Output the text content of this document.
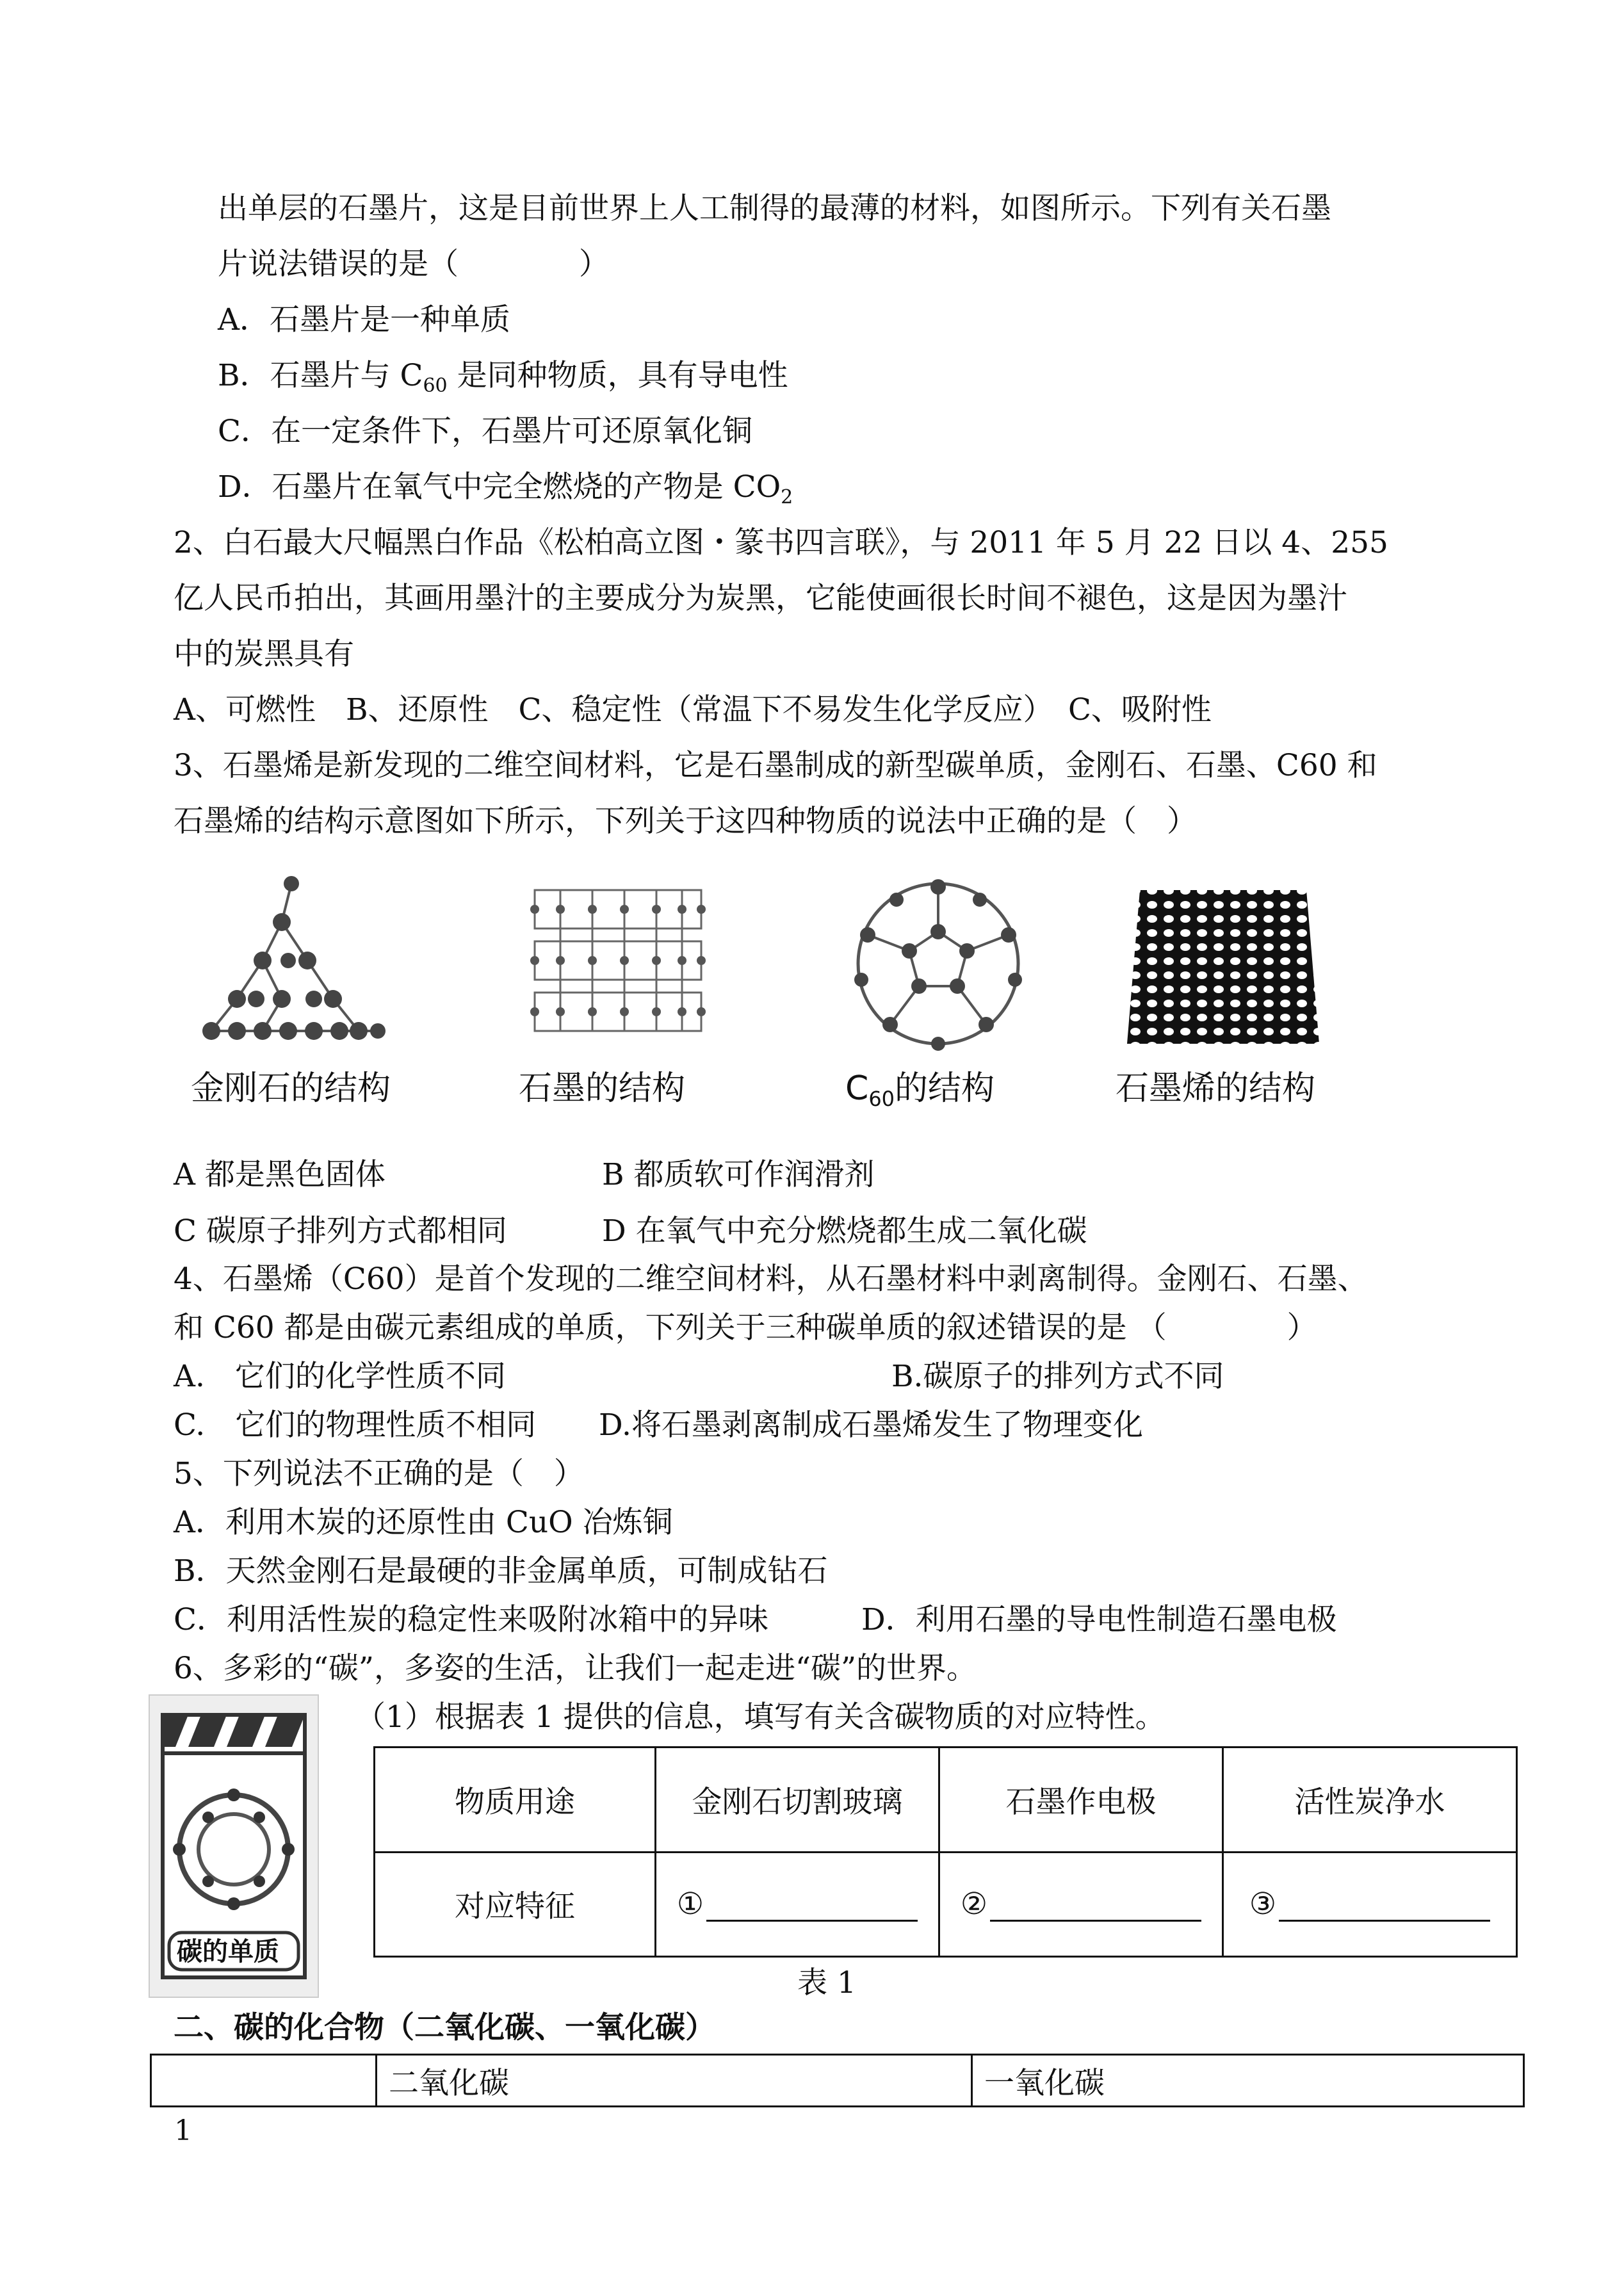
出单层的石墨片，这是目前世界上人工制得的最薄的材料，如图所示。下列有关石墨
片说法错误的是（　　　　）
A．石墨片是一种单质
B．石墨片与 $C_{60}$ 是同种物质，具有导电性
C．在一定条件下，石墨片可还原氧化铜
D．石墨片在氧气中完全燃烧的产物是 $CO_2$
2、白石最大尺幅黑白作品《松柏高立图・篆书四言联》，与 2011 年 5 月 22 日以 4、255
亿人民币拍出，其画用墨汁的主要成分为炭黑，它能使画很长时间不褪色，这是因为墨汁
中的炭黑具有
A、可燃性　B、还原性　C、稳定性（常温下不易发生化学反应）　C、吸附性
3、石墨烯是新发现的二维空间材料，它是石墨制成的新型碳单质，金刚石、石墨、C60 和
石墨烯的结构示意图如下所示，下列关于这四种物质的说法中正确的是（　）
金刚石的结构	石墨的结构	C60的结构	石墨烯的结构
A 都是黑色固体	B 都质软可作润滑剂
C 碳原子排列方式都相同	D 在氧气中充分燃烧都生成二氧化碳
4、石墨烯（C60）是首个发现的二维空间材料，从石墨材料中剥离制得。金刚石、石墨、
和 C60 都是由碳元素组成的单质，下列关于三种碳单质的叙述错误的是 （　　　　）
A.　它们的化学性质不同	B.碳原子的排列方式不同
C.　它们的物理性质不相同 D.将石墨剥离制成石墨烯发生了物理变化
5、下列说法不正确的是（　）
A．利用木炭的还原性由 CuO 冶炼铜
B．天然金刚石是最硬的非金属单质，可制成钻石
C．利用活性炭的稳定性来吸附冰箱中的异味	D．利用石墨的导电性制造石墨电极
6、多彩的“碳”，多姿的生活，让我们一起走进“碳”的世界。
（1）根据表 1 提供的信息，填写有关含碳物质的对应特性。
碳的单质
物质用途	金刚石切割玻璃	石墨作电极	活性炭净水
对应特征	①	②	③
表 1
二、碳的化合物（二氧化碳、一氧化碳）
	二氧化碳	一氧化碳
1
